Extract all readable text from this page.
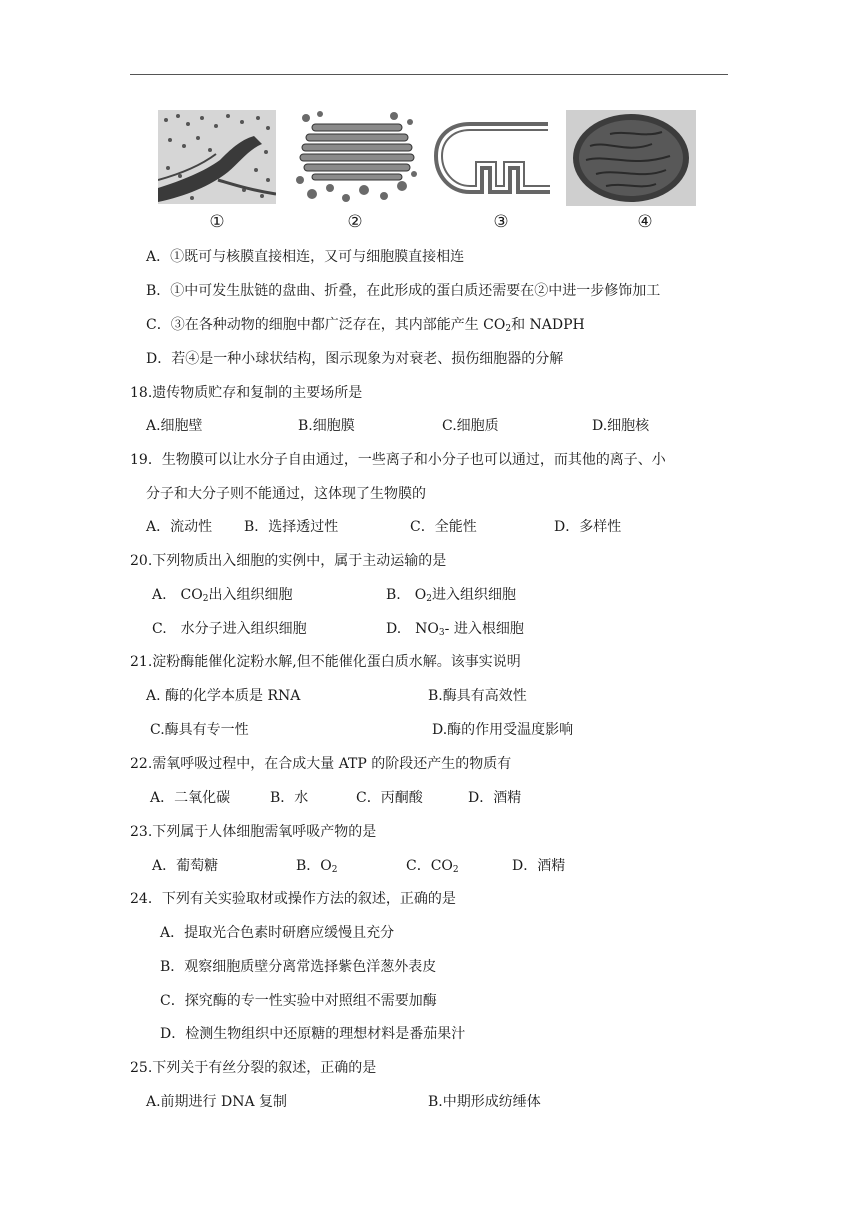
①	②	③	④
A．①既可与核膜直接相连，又可与细胞膜直接相连
B．①中可发生肽链的盘曲、折叠，在此形成的蛋白质还需要在②中进一步修饰加工
C．③在各种动物的细胞中都广泛存在，其内部能产生 $CO_2$和 NADPH
D．若④是一种小球状结构，图示现象为对衰老、损伤细胞器的分解
18.遗传物质贮存和复制的主要场所是
A.细胞壁	B.细胞膜	C.细胞质	D.细胞核
19．生物膜可以让水分子自由通过，一些离子和小分子也可以通过，而其他的离子、小
分子和大分子则不能通过，这体现了生物膜的
A．流动性 B．选择透过性	C．全能性	D．多样性
20.下列物质出入细胞的实例中，属于主动运输的是
A.　$CO_2$出入组织细胞	B.　$O_2$进入组织细胞
C.　水分子进入组织细胞	D.　$NO_3-$ 进入根细胞
21.淀粉酶能催化淀粉水解,但不能催化蛋白质水解。该事实说明
A. 酶的化学本质是 RNA	B.酶具有高效性
C.酶具有专一性	D.酶的作用受温度影响
22.需氧呼吸过程中，在合成大量 ATP 的阶段还产生的物质有
A．二氧化碳	B．水	C．丙酮酸	D．酒精
23.下列属于人体细胞需氧呼吸产物的是
A．葡萄糖	B．$O_2$	C．$CO_2$	D．酒精
24．下列有关实验取材或操作方法的叙述，正确的是
A．提取光合色素时研磨应缓慢且充分
B．观察细胞质壁分离常选择紫色洋葱外表皮
C．探究酶的专一性实验中对照组不需要加酶
D．检测生物组织中还原糖的理想材料是番茄果汁
25.下列关于有丝分裂的叙述，正确的是
A.前期进行 DNA 复制	B.中期形成纺缍体
